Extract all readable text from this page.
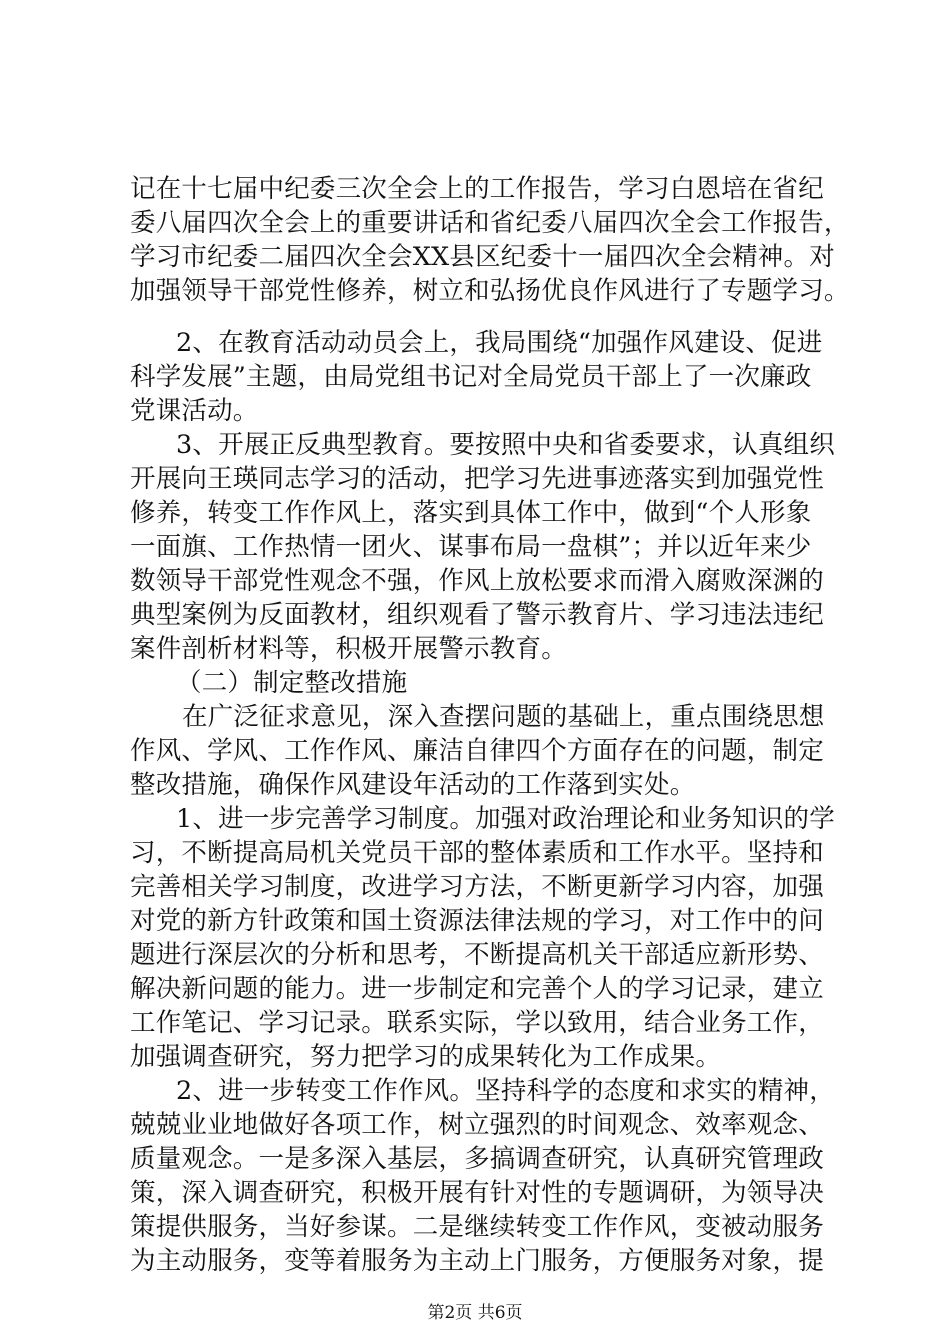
记在十七届中纪委三次全会上的工作报告，学习白恩培在省纪
委八届四次全会上的重要讲话和省纪委八届四次全会工作报告，
学习市纪委二届四次全会XX县区纪委十一届四次全会精神。对
加强领导干部党性修养，树立和弘扬优良作风进行了专题学习。
2、在教育活动动员会上，我局围绕“加强作风建设、促进
科学发展”主题，由局党组书记对全局党员干部上了一次廉政
党课活动。
3、开展正反典型教育。要按照中央和省委要求，认真组织
开展向王瑛同志学习的活动，把学习先进事迹落实到加强党性
修养，转变工作作风上，落实到具体工作中，做到“个人形象
一面旗、工作热情一团火、谋事布局一盘棋”；并以近年来少
数领导干部党性观念不强，作风上放松要求而滑入腐败深渊的
典型案例为反面教材，组织观看了警示教育片、学习违法违纪
案件剖析材料等，积极开展警示教育。
（二）制定整改措施
在广泛征求意见，深入查摆问题的基础上，重点围绕思想
作风、学风、工作作风、廉洁自律四个方面存在的问题，制定
整改措施，确保作风建设年活动的工作落到实处。
1、进一步完善学习制度。加强对政治理论和业务知识的学
习，不断提高局机关党员干部的整体素质和工作水平。坚持和
完善相关学习制度，改进学习方法，不断更新学习内容，加强
对党的新方针政策和国土资源法律法规的学习，对工作中的问
题进行深层次的分析和思考，不断提高机关干部适应新形势、
解决新问题的能力。进一步制定和完善个人的学习记录，建立
工作笔记、学习记录。联系实际，学以致用，结合业务工作，
加强调查研究，努力把学习的成果转化为工作成果。
2、进一步转变工作作风。坚持科学的态度和求实的精神，
兢兢业业地做好各项工作，树立强烈的时间观念、效率观念、
质量观念。一是多深入基层，多搞调查研究，认真研究管理政
策，深入调查研究，积极开展有针对性的专题调研，为领导决
策提供服务，当好参谋。二是继续转变工作作风，变被动服务
为主动服务，变等着服务为主动上门服务，方便服务对象，提
第2页 共6页
